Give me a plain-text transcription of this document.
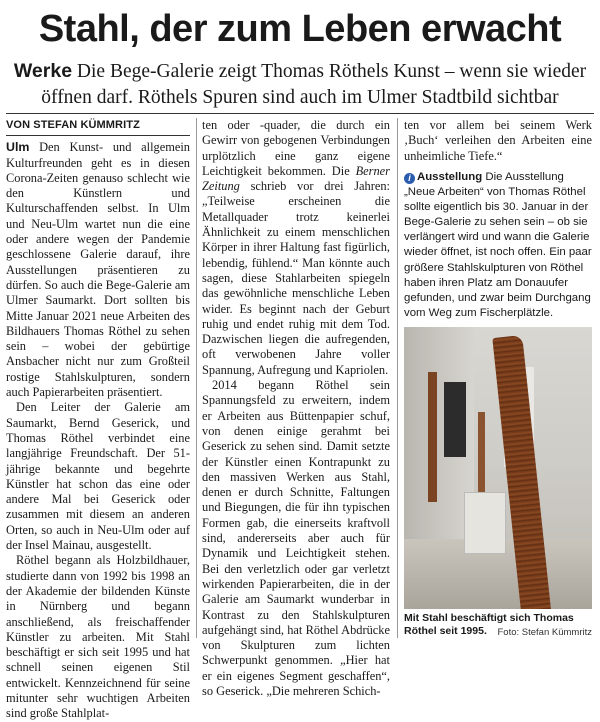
Stahl, der zum Leben erwacht

Werke Die Bege-Galerie zeigt Thomas Röthels Kunst – wenn sie wieder öffnen darf. Röthels Spuren sind auch im Ulmer Stadtbild sichtbar

VON STEFAN KÜMMRITZ

Ulm Den Kunst- und allgemein Kulturfreunden geht es in diesen Corona-Zeiten genauso schlecht wie den Künstlern und Kulturschaffenden selbst. In Ulm und Neu-Ulm wartet nun die eine oder andere wegen der Pandemie geschlossene Galerie darauf, ihre Ausstellungen präsentieren zu dürfen. So auch die Bege-Galerie am Ulmer Saumarkt. Dort sollten bis Mitte Januar 2021 neue Arbeiten des Bildhauers Thomas Röthel zu sehen sein – wobei der gebürtige Ansbacher nicht nur zum Großteil rostige Stahlskulpturen, sondern auch Papierarbeiten präsentiert.

Den Leiter der Galerie am Saumarkt, Bernd Geserick, und Thomas Röthel verbindet eine langjährige Freundschaft. Der 51-jährige bekannte und begehrte Künstler hat schon das eine oder andere Mal bei Geserick oder zusammen mit diesem an anderen Orten, so auch in Neu-Ulm oder auf der Insel Mainau, ausgestellt.

Röthel begann als Holzbildhauer, studierte dann von 1992 bis 1998 an der Akademie der bildenden Künste in Nürnberg und begann anschließend, als freischaffender Künstler zu arbeiten. Mit Stahl beschäftigt er sich seit 1995 und hat schnell seinen eigenen Stil entwickelt. Kennzeichnend für seine mitunter sehr wuchtigen Arbeiten sind große Stahlplat-

ten oder -quader, die durch ein Gewirr von gebogenen Verbindungen urplötzlich eine ganz eigene Leichtigkeit bekommen. Die Berner Zeitung schrieb vor drei Jahren: „Teilweise erscheinen die Metallquader trotz keinerlei Ähnlichkeit zu einem menschlichen Körper in ihrer Haltung fast figürlich, lebendig, fühlend.“ Man könnte auch sagen, diese Stahlarbeiten spiegeln das gewöhnliche menschliche Leben wider. Es beginnt nach der Geburt ruhig und endet ruhig mit dem Tod. Dazwischen liegen die aufregenden, oft verwobenen Jahre voller Spannung, Aufregung und Kapriolen.

2014 begann Röthel sein Spannungsfeld zu erweitern, indem er Arbeiten aus Büttenpapier schuf, von denen einige gerahmt bei Geserick zu sehen sind. Damit setzte der Künstler einen Kontrapunkt zu den massiven Werken aus Stahl, denen er durch Schnitte, Faltungen und Biegungen, die für ihn typischen Formen gab, die einerseits kraftvoll sind, andererseits aber auch für Dynamik und Leichtigkeit stehen. Bei den verletzlich oder gar verletzt wirkenden Papierarbeiten, die in der Galerie am Saumarkt wunderbar in Kontrast zu den Stahlskulpturen aufgehängt sind, hat Röthel Abdrücke von Skulpturen zum lichten Schwerpunkt genommen. „Hier hat er ein eigenes Segment geschaffen“, so Geserick. „Die mehreren Schich-

ten vor allem bei seinem Werk ‚Buch‘ verleihen den Arbeiten eine unheimliche Tiefe.“

i Ausstellung Die Ausstellung „Neue Arbeiten“ von Thomas Röthel sollte eigentlich bis 30. Januar in der Bege-Galerie zu sehen sein – ob sie verlängert wird und wann die Galerie wieder öffnet, ist noch offen. Ein paar größere Stahlskulpturen von Röthel haben ihren Platz am Donauufer gefunden, und zwar beim Durchgang vom Weg zum Fischerplätzle.
Mit Stahl beschäftigt sich Thomas Röthel seit 1995.	Foto: Stefan Kümmritz
